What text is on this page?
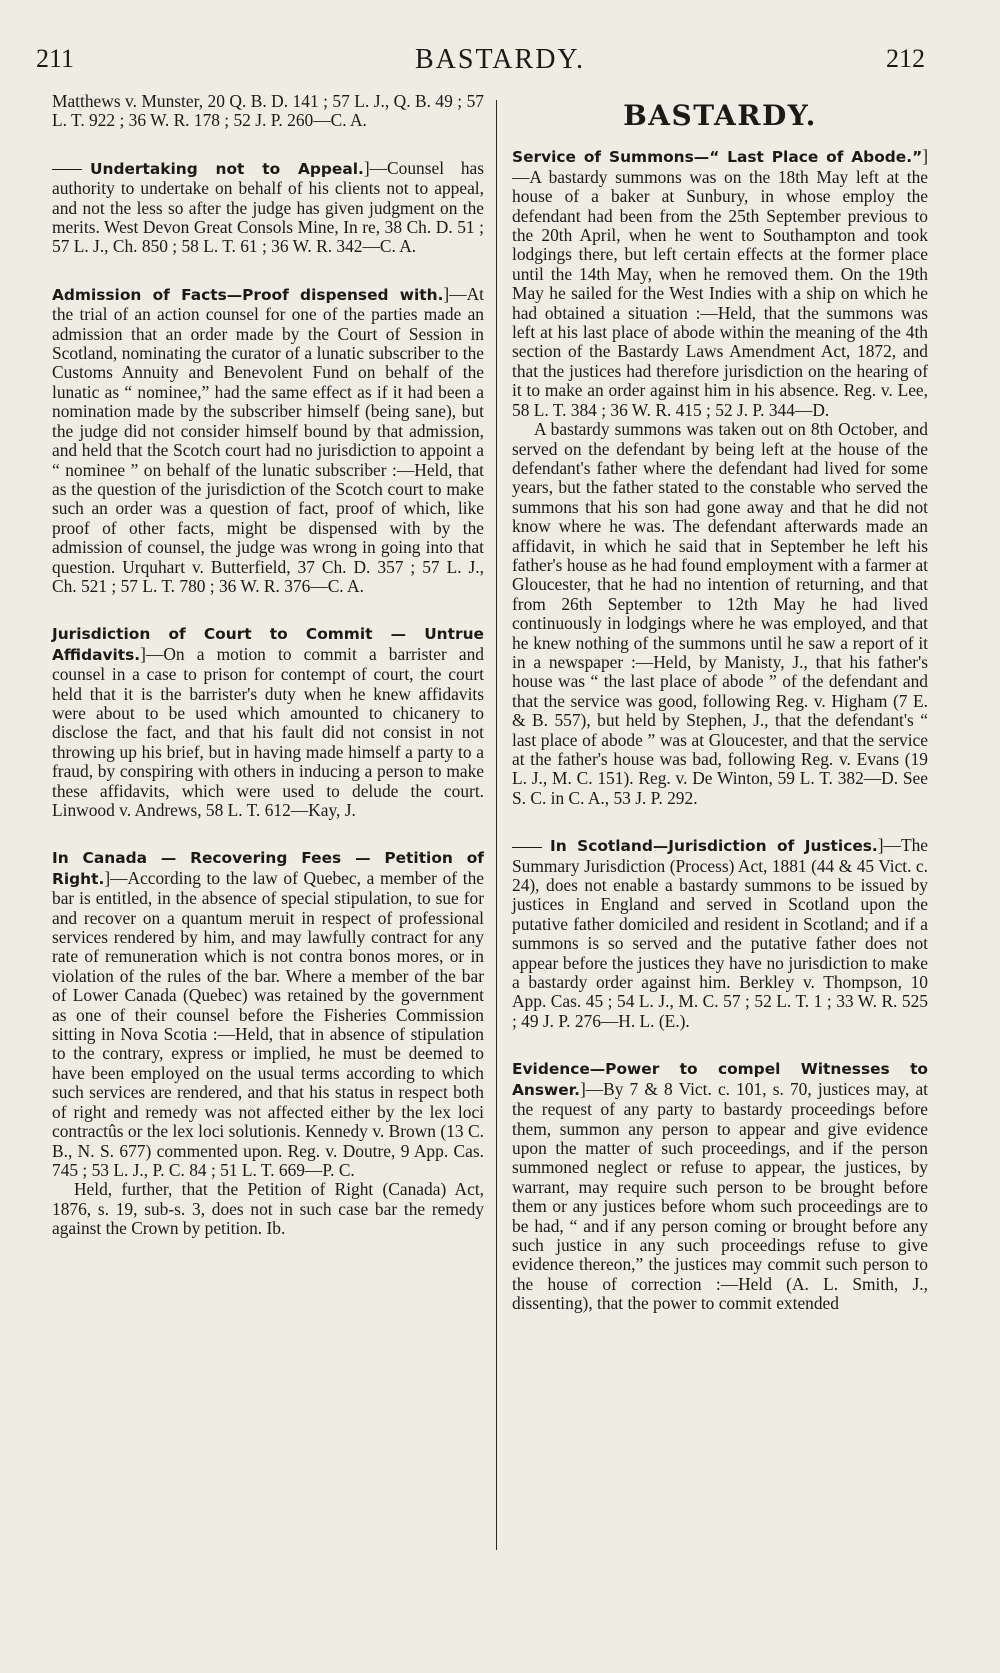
211	BASTARDY.	212

Matthews v. Munster, 20 Q. B. D. 141 ; 57 L. J., Q. B. 49 ; 57 L. T. 922 ; 36 W. R. 178 ; 52 J. P. 260—C. A.

Undertaking not to Appeal.]—Counsel has authority to undertake on behalf of his clients not to appeal, and not the less so after the judge has given judgment on the merits. West Devon Great Consols Mine, In re, 38 Ch. D. 51 ; 57 L. J., Ch. 850 ; 58 L. T. 61 ; 36 W. R. 342—C. A.

Admission of Facts—Proof dispensed with.]—At the trial of an action counsel for one of the parties made an admission that an order made by the Court of Session in Scotland, nominating the curator of a lunatic subscriber to the Customs Annuity and Benevolent Fund on behalf of the lunatic as “ nominee,” had the same effect as if it had been a nomination made by the subscriber himself (being sane), but the judge did not consider himself bound by that admission, and held that the Scotch court had no jurisdiction to appoint a “ nominee ” on behalf of the lunatic subscriber :—Held, that as the question of the jurisdiction of the Scotch court to make such an order was a question of fact, proof of which, like proof of other facts, might be dispensed with by the admission of counsel, the judge was wrong in going into that question. Urquhart v. Butterfield, 37 Ch. D. 357 ; 57 L. J., Ch. 521 ; 57 L. T. 780 ; 36 W. R. 376—C. A.

Jurisdiction of Court to Commit — Untrue Affidavits.]—On a motion to commit a barrister and counsel in a case to prison for contempt of court, the court held that it is the barrister's duty when he knew affidavits were about to be used which amounted to chicanery to disclose the fact, and that his fault did not consist in not throwing up his brief, but in having made himself a party to a fraud, by conspiring with others in inducing a person to make these affidavits, which were used to delude the court. Linwood v. Andrews, 58 L. T. 612—Kay, J.

In Canada — Recovering Fees — Petition of Right.]—According to the law of Quebec, a member of the bar is entitled, in the absence of special stipulation, to sue for and recover on a quantum meruit in respect of professional services rendered by him, and may lawfully contract for any rate of remuneration which is not contra bonos mores, or in violation of the rules of the bar. Where a member of the bar of Lower Canada (Quebec) was retained by the government as one of their counsel before the Fisheries Commission sitting in Nova Scotia :—Held, that in absence of stipulation to the contrary, express or implied, he must be deemed to have been employed on the usual terms according to which such services are rendered, and that his status in respect both of right and remedy was not affected either by the lex loci contractûs or the lex loci solutionis. Kennedy v. Brown (13 C. B., N. S. 677) commented upon. Reg. v. Doutre, 9 App. Cas. 745 ; 53 L. J., P. C. 84 ; 51 L. T. 669—P. C.

Held, further, that the Petition of Right (Canada) Act, 1876, s. 19, sub-s. 3, does not in such case bar the remedy against the Crown by petition. Ib.

BASTARDY.

Service of Summons—“ Last Place of Abode.”]—A bastardy summons was on the 18th May left at the house of a baker at Sunbury, in whose employ the defendant had been from the 25th September previous to the 20th April, when he went to Southampton and took lodgings there, but left certain effects at the former place until the 14th May, when he removed them. On the 19th May he sailed for the West Indies with a ship on which he had obtained a situation :—Held, that the summons was left at his last place of abode within the meaning of the 4th section of the Bastardy Laws Amendment Act, 1872, and that the justices had therefore jurisdiction on the hearing of it to make an order against him in his absence. Reg. v. Lee, 58 L. T. 384 ; 36 W. R. 415 ; 52 J. P. 344—D.

A bastardy summons was taken out on 8th October, and served on the defendant by being left at the house of the defendant's father where the defendant had lived for some years, but the father stated to the constable who served the summons that his son had gone away and that he did not know where he was. The defendant afterwards made an affidavit, in which he said that in September he left his father's house as he had found employment with a farmer at Gloucester, that he had no intention of returning, and that from 26th September to 12th May he had lived continuously in lodgings where he was employed, and that he knew nothing of the summons until he saw a report of it in a newspaper :—Held, by Manisty, J., that his father's house was “ the last place of abode ” of the defendant and that the service was good, following Reg. v. Higham (7 E. & B. 557), but held by Stephen, J., that the defendant's “ last place of abode ” was at Gloucester, and that the service at the father's house was bad, following Reg. v. Evans (19 L. J., M. C. 151). Reg. v. De Winton, 59 L. T. 382—D. See S. C. in C. A., 53 J. P. 292.

In Scotland—Jurisdiction of Justices.]—The Summary Jurisdiction (Process) Act, 1881 (44 & 45 Vict. c. 24), does not enable a bastardy summons to be issued by justices in England and served in Scotland upon the putative father domiciled and resident in Scotland; and if a summons is so served and the putative father does not appear before the justices they have no jurisdiction to make a bastardy order against him. Berkley v. Thompson, 10 App. Cas. 45 ; 54 L. J., M. C. 57 ; 52 L. T. 1 ; 33 W. R. 525 ; 49 J. P. 276—H. L. (E.).

Evidence—Power to compel Witnesses to Answer.]—By 7 & 8 Vict. c. 101, s. 70, justices may, at the request of any party to bastardy proceedings before them, summon any person to appear and give evidence upon the matter of such proceedings, and if the person summoned neglect or refuse to appear, the justices, by warrant, may require such person to be brought before them or any justices before whom such proceedings are to be had, “ and if any person coming or brought before any such justice in any such proceedings refuse to give evidence thereon,” the justices may commit such person to the house of correction :—Held (A. L. Smith, J., dissenting), that the power to commit extended
